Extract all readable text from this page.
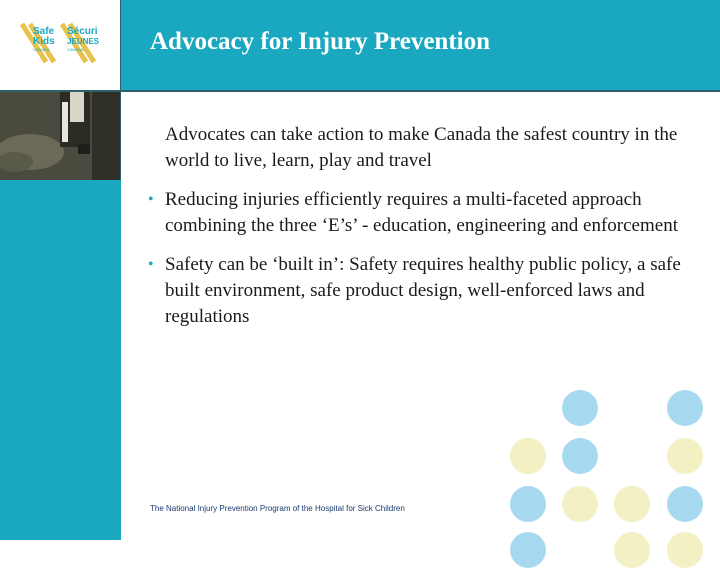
Safe
Kids
CANADA
Sécuri
JEUNES
CANADA	Advocacy for Injury Prevention

Advocates can take action to make Canada the safest country in the world to live, learn, play and travel

• Reducing injuries efficiently requires a multi-faceted approach combining the three ‘E’s’ - education, engineering and enforcement

• Safety can be ‘built in’: Safety requires healthy public policy, a safe built environment, safe product design, well-enforced laws and regulations

The National Injury Prevention Program of the Hospital for Sick Children
